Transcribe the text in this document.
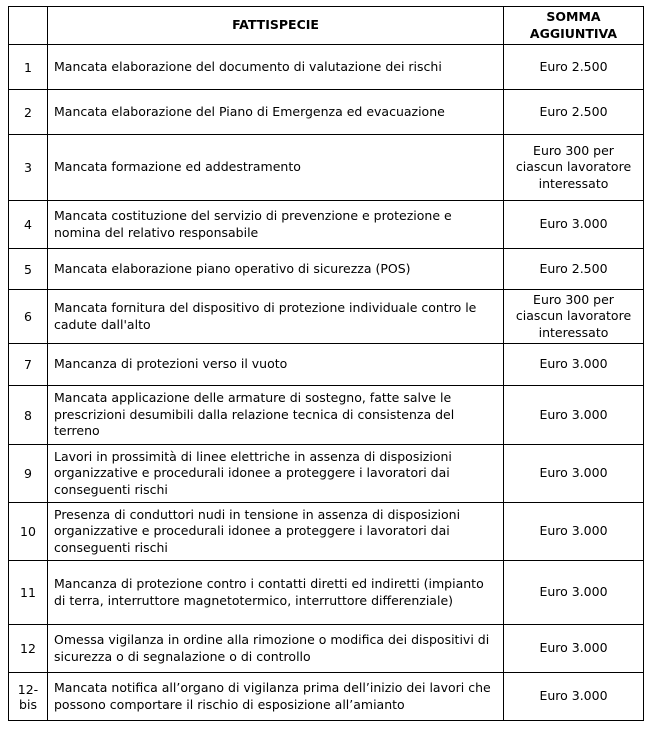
	FATTISPECIE	SOMMA
AGGIUNTIVA

1	Mancata elaborazione del documento di valutazione dei rischi	Euro 2.500

2	Mancata elaborazione del Piano di Emergenza ed evacuazione	Euro 2.500

3	Mancata formazione ed addestramento	Euro 300 per
ciascun lavoratore
interessato

4	Mancata costituzione del servizio di prevenzione e protezione e nomina del relativo responsabile	Euro 3.000

5	Mancata elaborazione piano operativo di sicurezza (POS)	Euro 2.500

6	Mancata fornitura del dispositivo di protezione individuale contro le cadute dall'alto	Euro 300 per
ciascun lavoratore
interessato

7	Mancanza di protezioni verso il vuoto	Euro 3.000

8	Mancata applicazione delle armature di sostegno, fatte salve le prescrizioni desumibili dalla relazione tecnica di consistenza del terreno	Euro 3.000

9	Lavori in prossimità di linee elettriche in assenza di disposizioni organizzative e procedurali idonee a proteggere i lavoratori dai conseguenti rischi	Euro 3.000

10	Presenza di conduttori nudi in tensione in assenza di disposizioni organizzative e procedurali idonee a proteggere i lavoratori dai conseguenti rischi	Euro 3.000

11	Mancanza di protezione contro i contatti diretti ed indiretti (impianto di terra, interruttore magnetotermico, interruttore differenziale)	Euro 3.000

12	Omessa vigilanza in ordine alla rimozione o modifica dei dispositivi di sicurezza o di segnalazione o di controllo	Euro 3.000

12-
bis	Mancata notifica all’organo di vigilanza prima dell’inizio dei lavori che possono comportare il rischio di esposizione all’amianto	Euro 3.000
